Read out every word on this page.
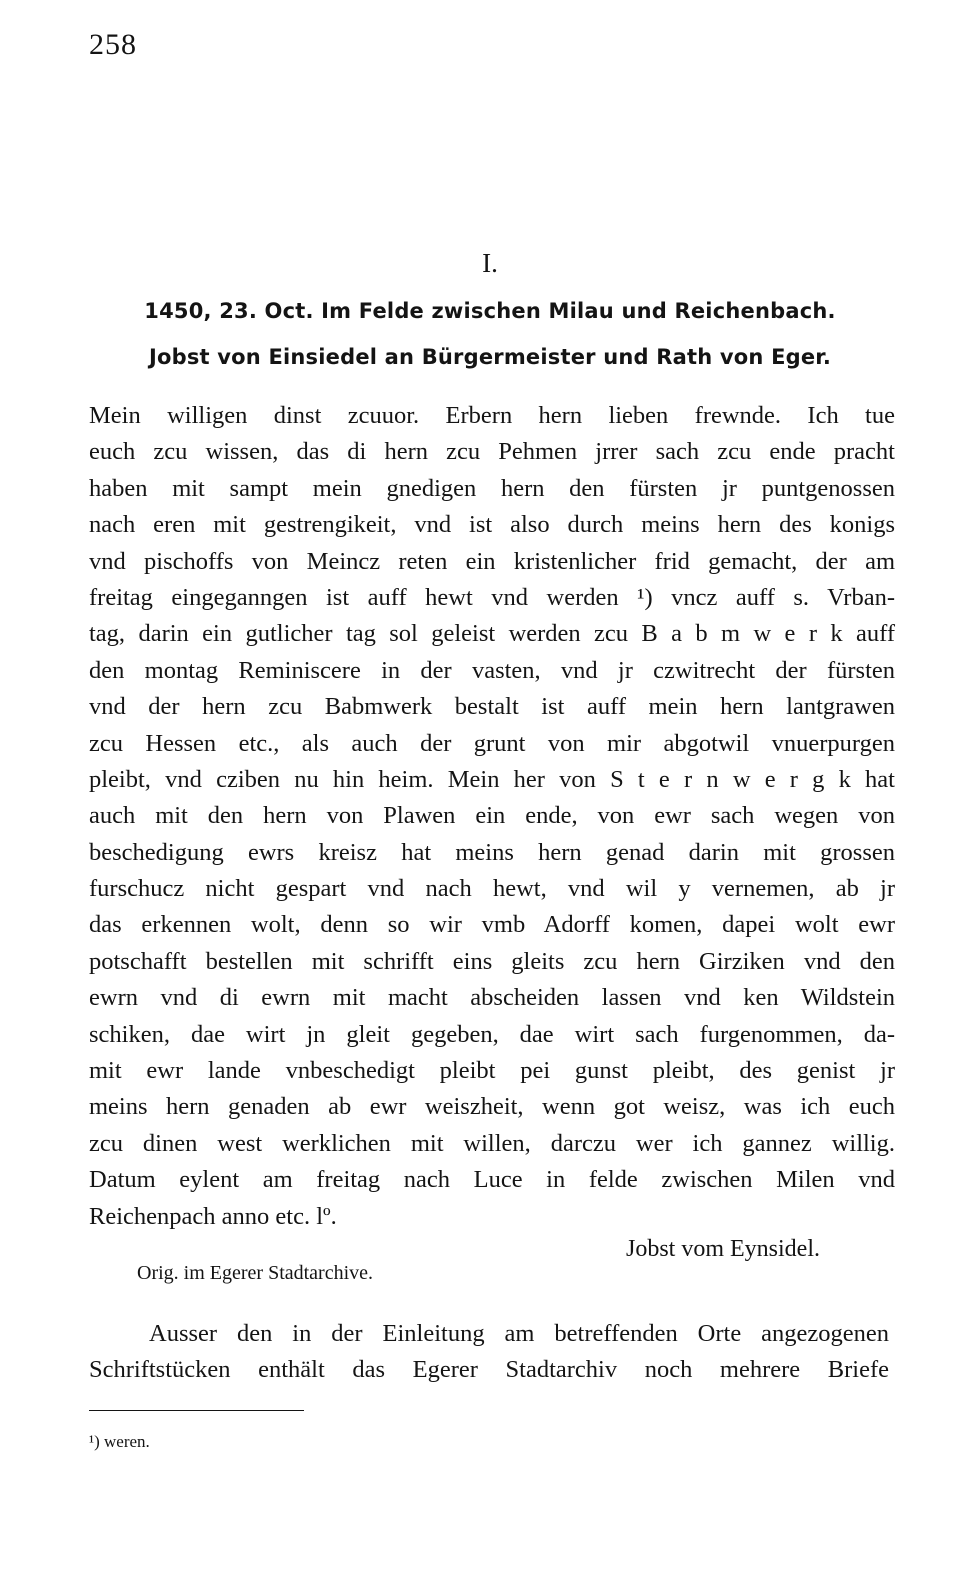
258
I.
1450, 23. Oct. Im Felde zwischen Milau und Reichenbach.
Jobst von Einsiedel an Bürgermeister und Rath von Eger.
Mein willigen dinst zcuuor. Erbern hern lieben frewnde. Ich tue
euch zcu wissen, das di hern zcu Pehmen jrrer sach zcu ende pracht
haben mit sampt mein gnedigen hern den fürsten jr puntgenossen
nach eren mit gestrengikeit, vnd ist also durch meins hern des konigs
vnd pischoffs von Meincz reten ein kristenlicher frid gemacht, der am
freitag eingeganngen ist auff hewt vnd werden ¹) vncz auff s. Vrban-
tag, darin ein gutlicher tag sol geleist werden zcu B a b m w e r k auff
den montag Reminiscere in der vasten, vnd jr czwitrecht der fürsten
vnd der hern zcu Babmwerk bestalt ist auff mein hern lantgrawen
zcu Hessen etc., als auch der grunt von mir abgotwil vnuerpurgen
pleibt, vnd cziben nu hin heim. Mein her von S t e r n w e r g k hat
auch mit den hern von Plawen ein ende, von ewr sach wegen von
beschedigung ewrs kreisz hat meins hern genad darin mit grossen
furschucz nicht gespart vnd nach hewt, vnd wil y vernemen, ab jr
das erkennen wolt, denn so wir vmb Adorff komen, dapei wolt ewr
potschafft bestellen mit schrifft eins gleits zcu hern Girziken vnd den
ewrn vnd di ewrn mit macht abscheiden lassen vnd ken Wildstein
schiken, dae wirt jn gleit gegeben, dae wirt sach furgenommen, da-
mit ewr lande vnbeschedigt pleibt pei gunst pleibt, des genist jr
meins hern genaden ab ewr weiszheit, wenn got weisz, was ich euch
zcu dinen west werklichen mit willen, darczu wer ich gannez willig.
Datum eylent am freitag nach Luce in felde zwischen Milen vnd
Reichenpach anno etc. lº.
Jobst vom Eynsidel.
Orig. im Egerer Stadtarchive.
Ausser den in der Einleitung am betreffenden Orte angezogenen
Schriftstücken enthält das Egerer Stadtarchiv noch mehrere Briefe
¹) weren.
